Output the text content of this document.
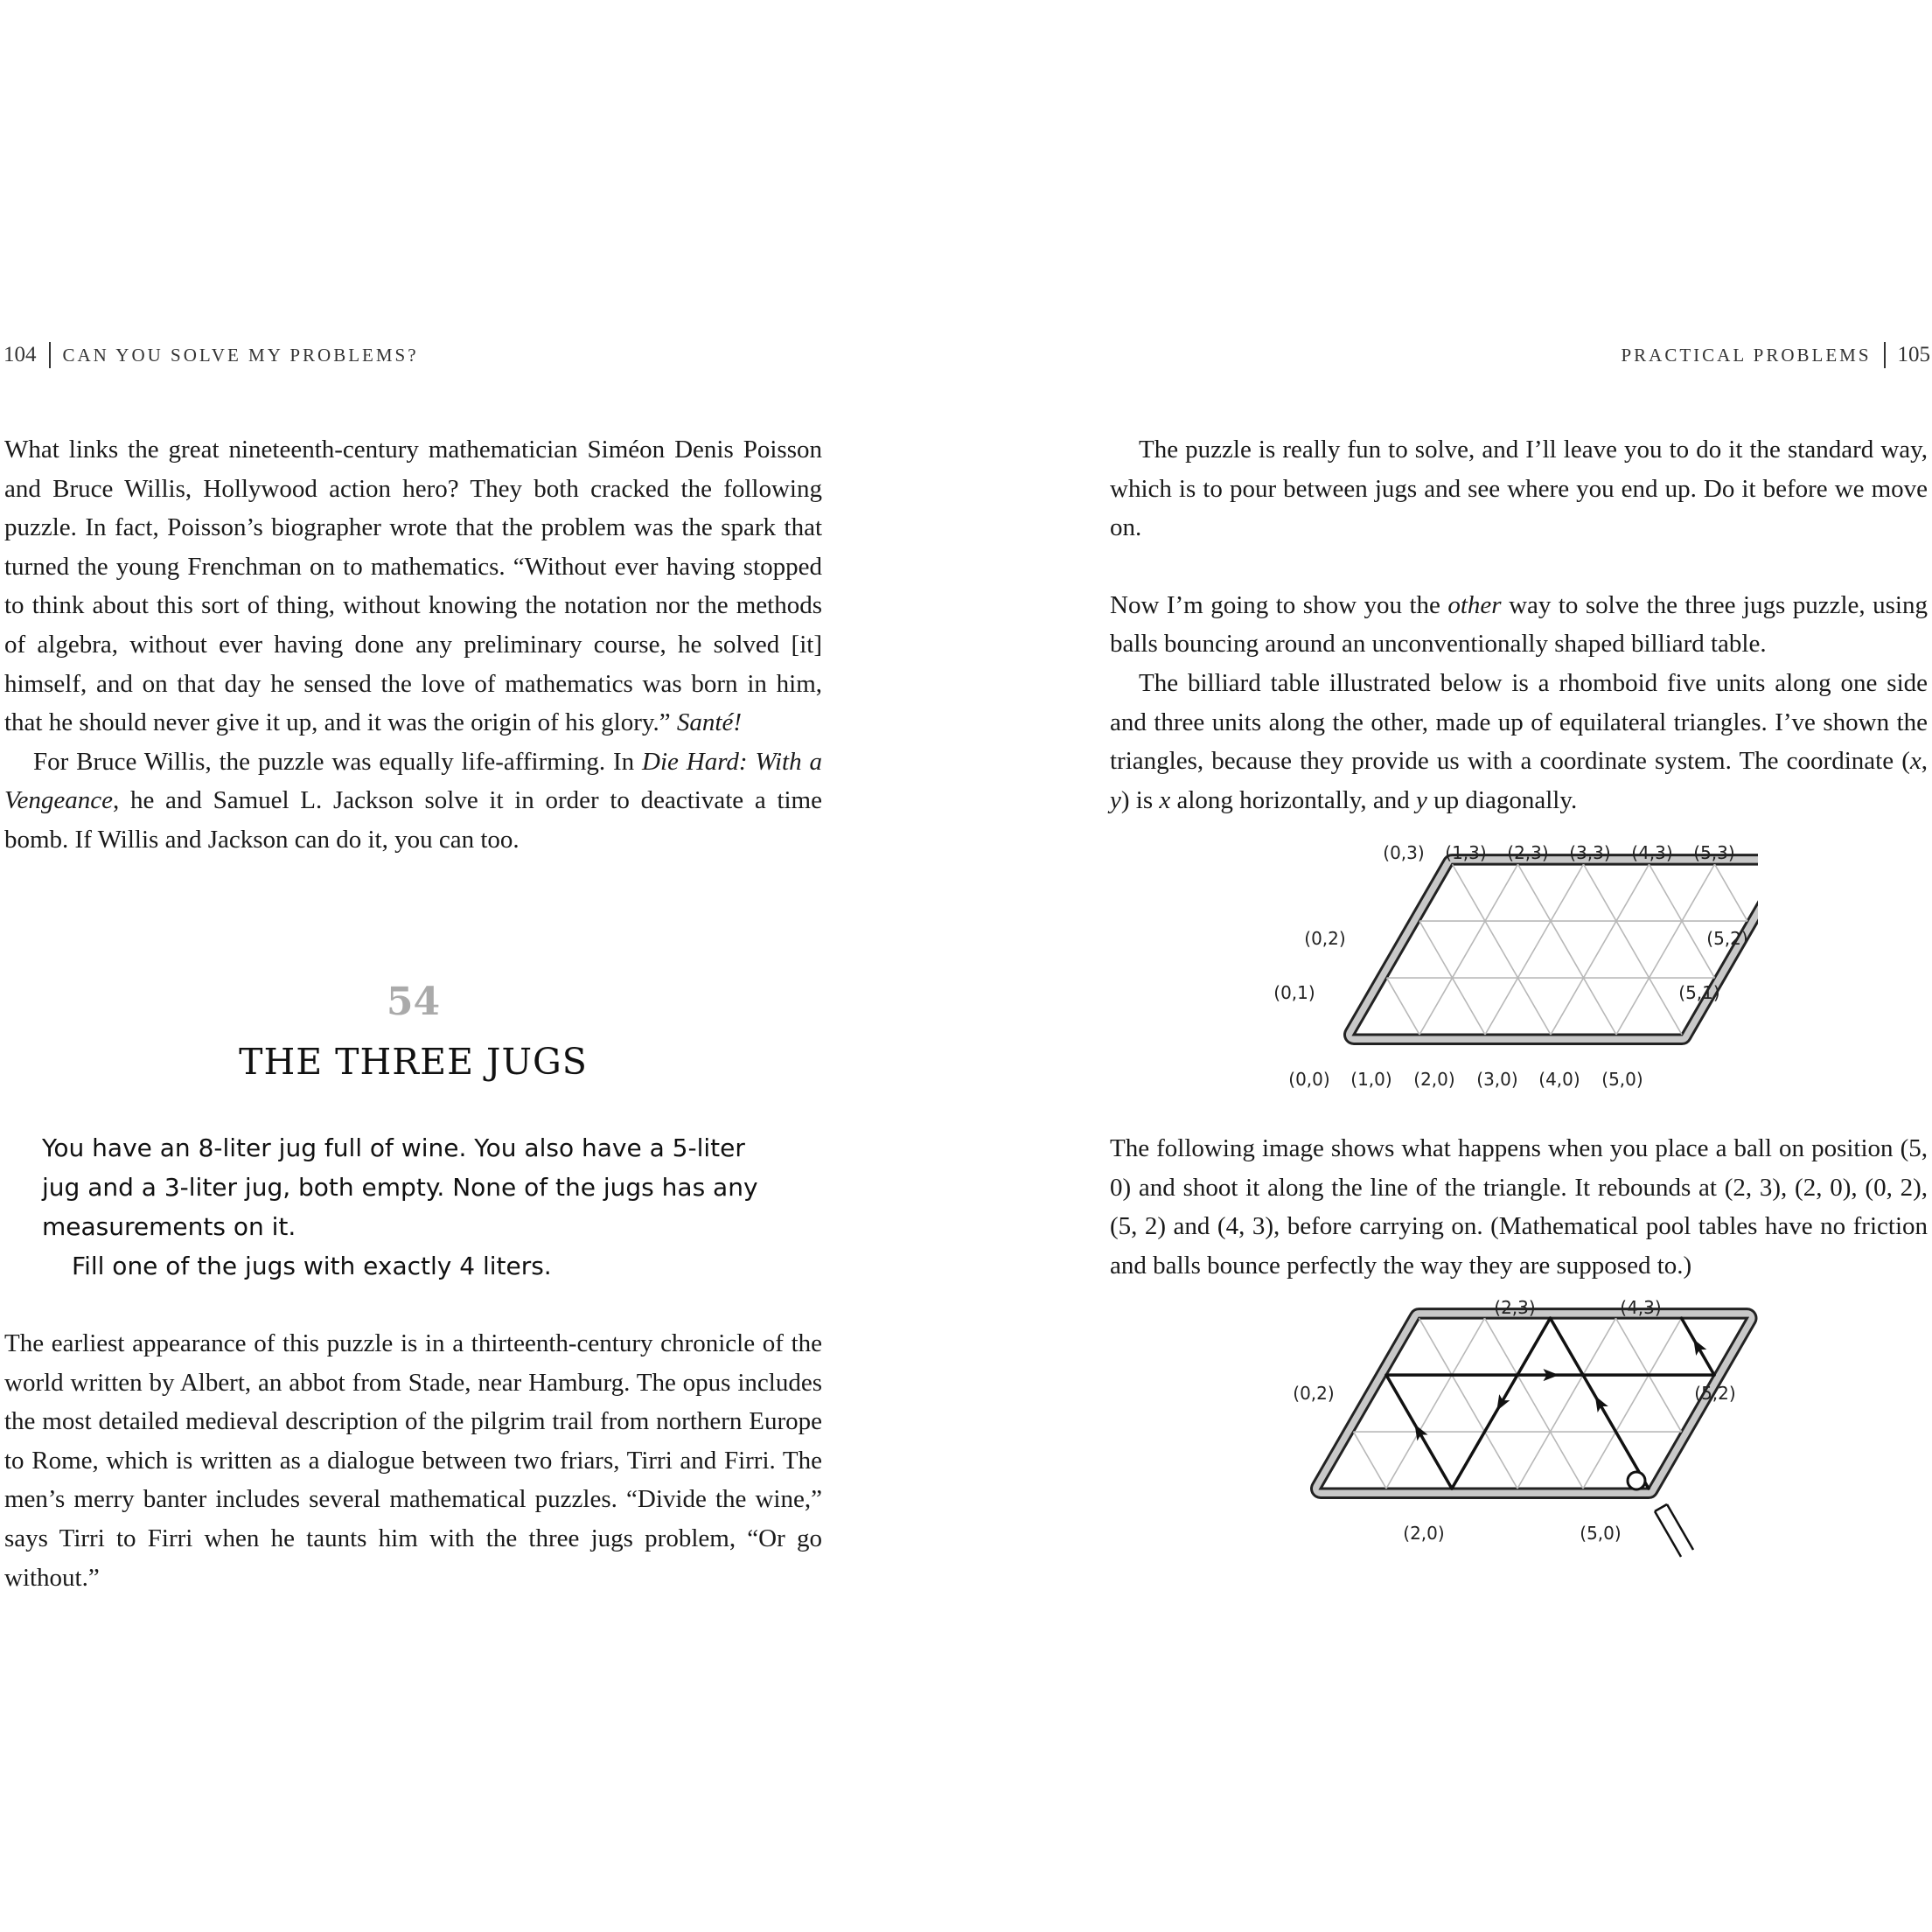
104 CAN YOU SOLVE MY PROBLEMS?

What links the great nineteenth-century mathematician Siméon Denis Poisson and Bruce Willis, Hollywood action hero? They both cracked the following puzzle. In fact, Poisson’s biographer wrote that the problem was the spark that turned the young Frenchman on to mathematics. “Without ever having stopped to think about this sort of thing, without knowing the notation nor the methods of algebra, without ever having done any preliminary course, he solved [it] himself, and on that day he sensed the love of mathematics was born in him, that he should never give it up, and it was the origin of his glory.” Santé!

For Bruce Willis, the puzzle was equally life-affirming. In Die Hard: With a Vengeance, he and Samuel L. Jackson solve it in order to deactivate a time bomb. If Willis and Jackson can do it, you can too.

54
THE THREE JUGS

You have an 8-liter jug full of wine. You also have a 5-liter jug and a 3-liter jug, both empty. None of the jugs has any measurements on it.

Fill one of the jugs with exactly 4 liters.

The earliest appearance of this puzzle is in a thirteenth-century chronicle of the world written by Albert, an abbot from Stade, near Hamburg. The opus includes the most detailed medieval description of the pilgrim trail from northern Europe to Rome, which is written as a dialogue between two friars, Tirri and Firri. The men’s merry banter includes several mathematical puzzles. “Divide the wine,” says Tirri to Firri when he taunts him with the three jugs problem, “Or go without.”

PRACTICAL PROBLEMS 105

The puzzle is really fun to solve, and I’ll leave you to do it the standard way, which is to pour between jugs and see where you end up. Do it before we move on.

Now I’m going to show you the other way to solve the three jugs puzzle, using balls bouncing around an unconventionally shaped billiard table.

The billiard table illustrated below is a rhomboid five units along one side and three units along the other, made up of equilateral triangles. I’ve shown the triangles, because they provide us with a coordinate system. The coordinate (x, y) is x along horizontally, and y up diagonally.

The following image shows what happens when you place a ball on position (5, 0) and shoot it along the line of the triangle. It rebounds at (2, 3), (2, 0), (0, 2), (5, 2) and (4, 3), before carrying on. (Mathematical pool tables have no friction and balls bounce perfectly the way they are supposed to.)

(0,3) (1,3) (2,3) (3,3) (4,3) (5,3)
(0,0) (1,0) (2,0) (3,0) (4,0) (5,0)
(0,2)
(0,1)
(5,2)
(5,1)
(2,3)	(4,3)
(0,2)	(5,2)
(2,0)	(5,0)
